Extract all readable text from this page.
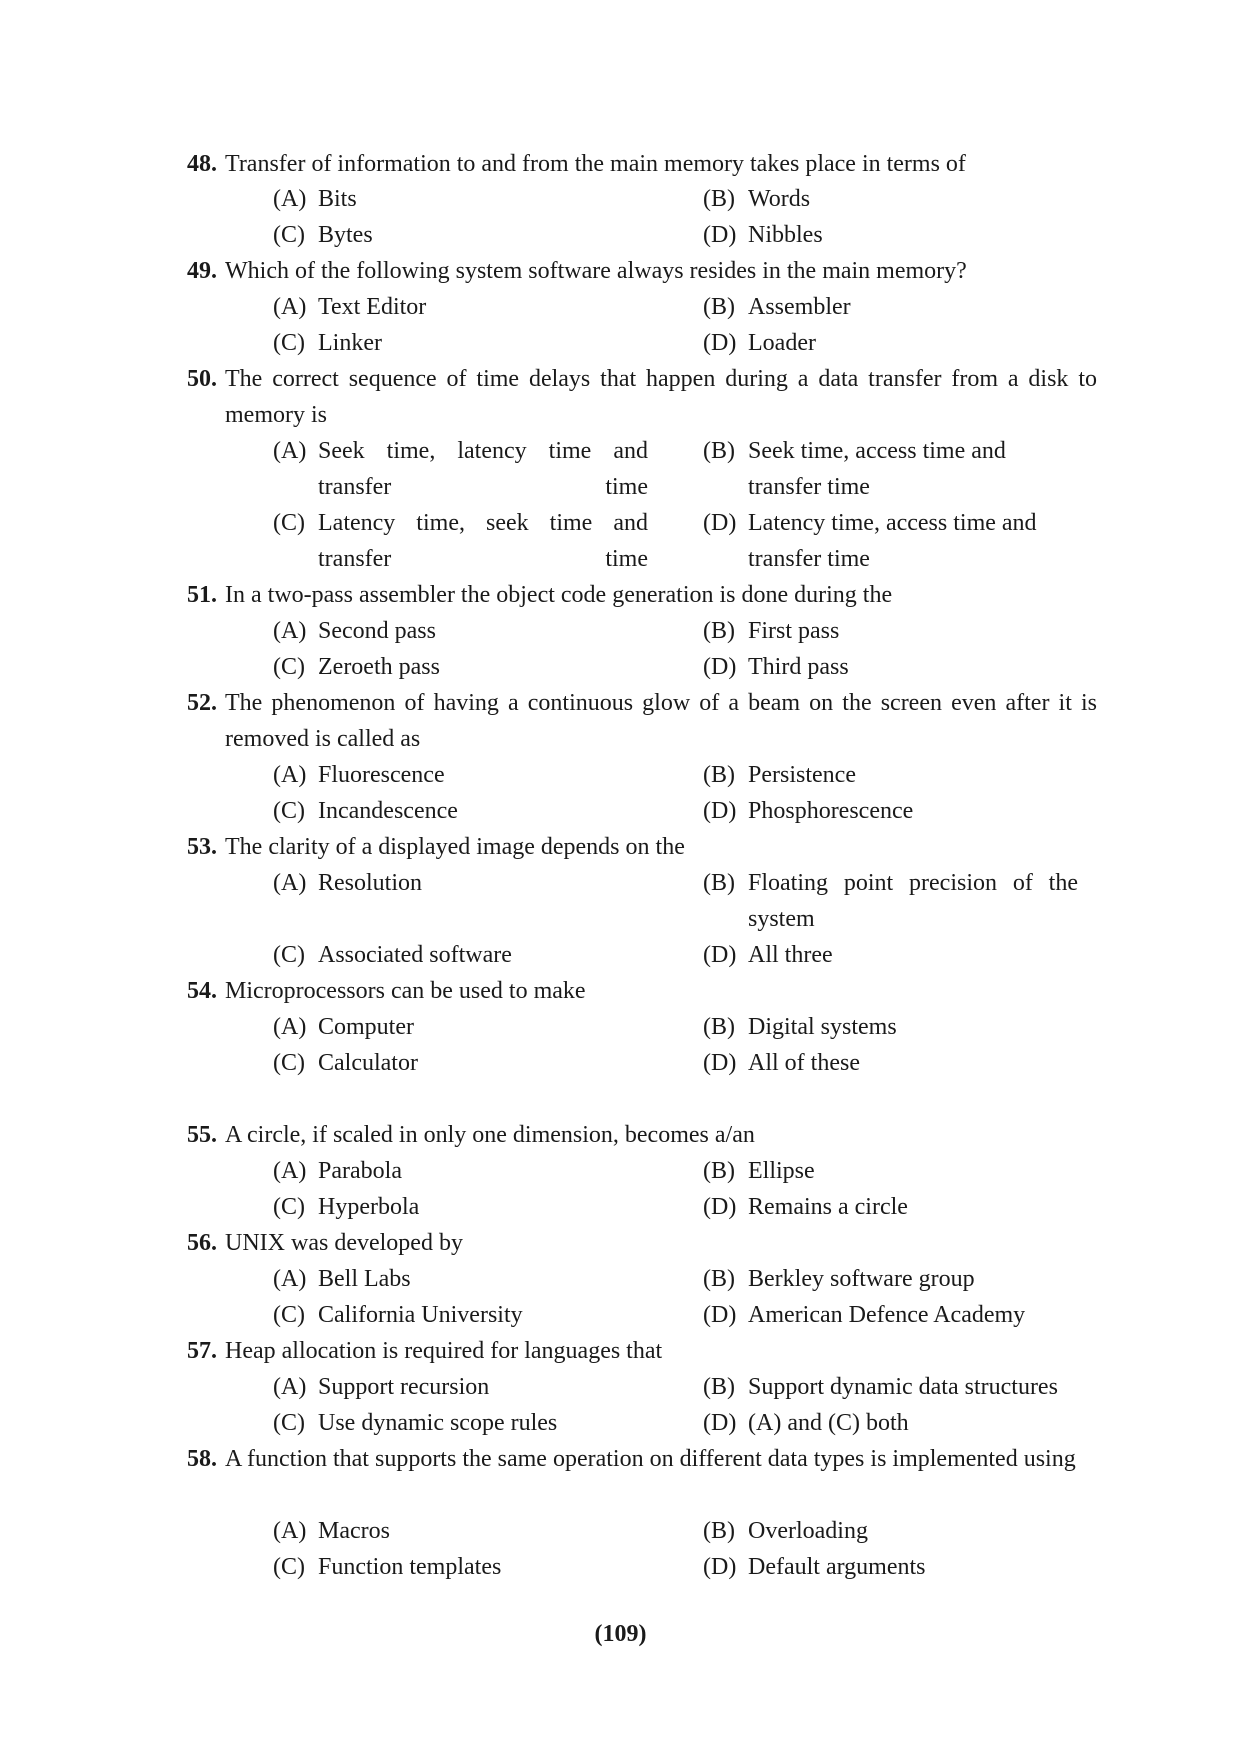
48. Transfer of information to and from the main memory takes place in terms of
(A) Bits	(B) Words
(C) Bytes	(D) Nibbles
49. Which of the following system software always resides in the main memory?
(A) Text Editor	(B) Assembler
(C) Linker	(D) Loader
50. The correct sequence of time delays that happen during a data transfer from a disk to memory is
(A) Seek time, latency time and transfer time
(B) Seek time, access time and transfer time
(C) Latency time, seek time and transfer time
(D) Latency time, access time and transfer time
51. In a two-pass assembler the object code generation is done during the
(A) Second pass	(B) First pass
(C) Zeroeth pass	(D) Third pass
52. The phenomenon of having a continuous glow of a beam on the screen even after it is removed is called as
(A) Fluorescence	(B) Persistence
(C) Incandescence	(D) Phosphorescence
53. The clarity of a displayed image depends on the
(A) Resolution	(B) Floating point precision of the system
(C) Associated software	(D) All three
54. Microprocessors can be used to make
(A) Computer	(B) Digital systems
(C) Calculator	(D) All of these
55. A circle, if scaled in only one dimension, becomes a/an
(A) Parabola	(B) Ellipse
(C) Hyperbola	(D) Remains a circle
56. UNIX was developed by
(A) Bell Labs	(B) Berkley software group
(C) California University	(D) American Defence Academy
57. Heap allocation is required for languages that
(A) Support recursion	(B) Support dynamic data structures
(C) Use dynamic scope rules	(D) (A) and (C) both
58. A function that supports the same operation on different data types is implemented using
(A) Macros	(B) Overloading
(C) Function templates	(D) Default arguments
(109)
